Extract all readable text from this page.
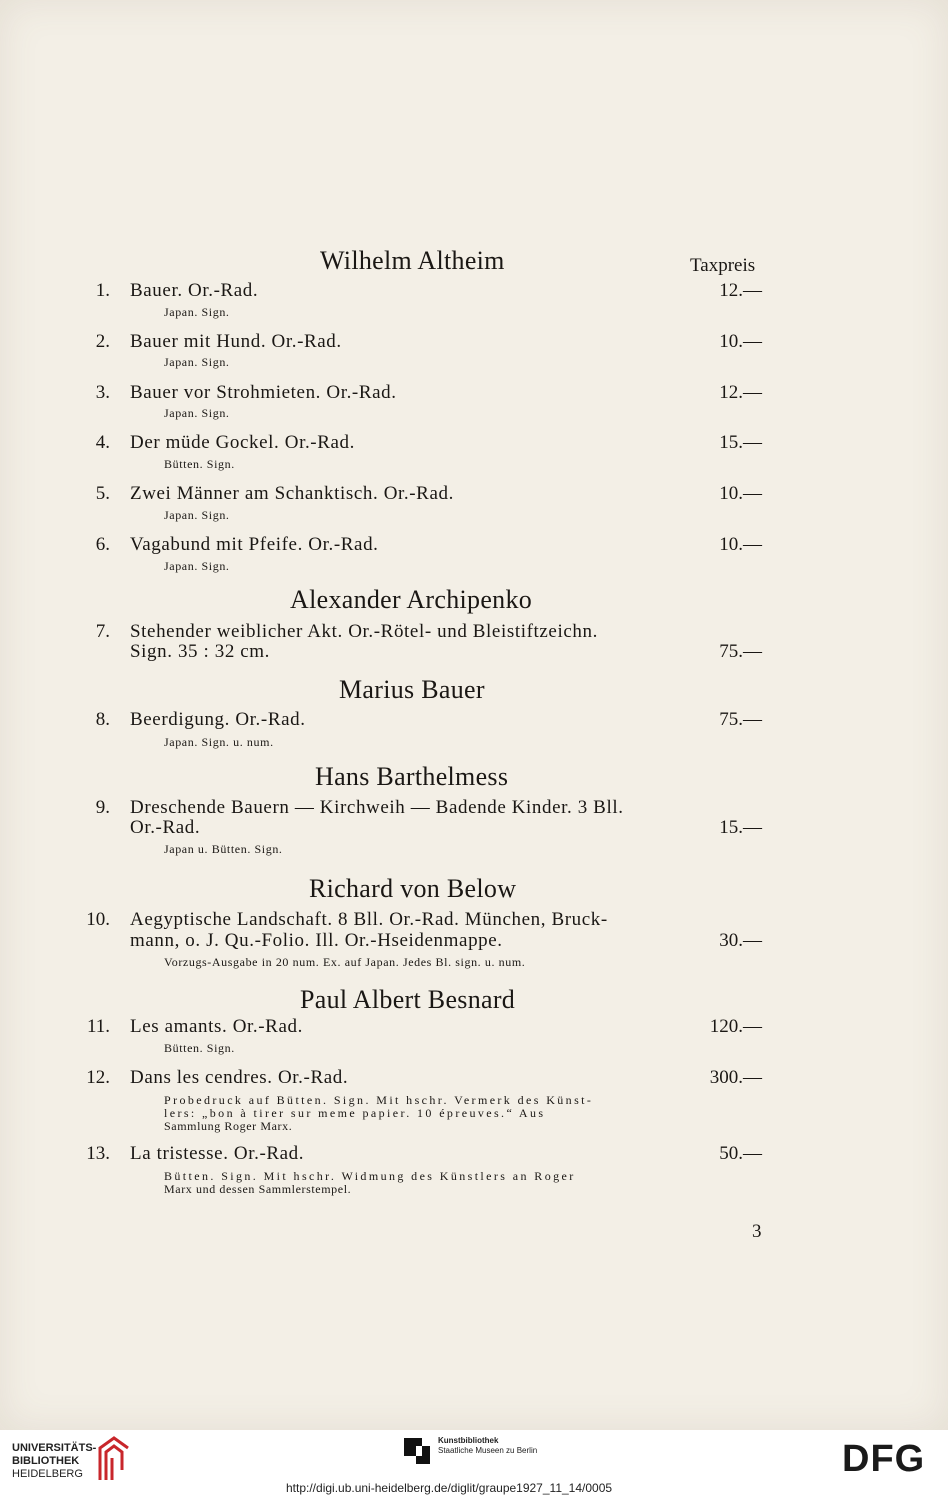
Wilhelm Altheim	Taxpreis
1. Bauer. Or.-Rad.	12.—
Japan. Sign.
2. Bauer mit Hund. Or.-Rad.	10.—
Japan. Sign.
3. Bauer vor Strohmieten. Or.-Rad.	12.—
Japan. Sign.
4. Der müde Gockel. Or.-Rad.	15.—
Bütten. Sign.
5. Zwei Männer am Schanktisch. Or.-Rad.	10.—
Japan. Sign.
6. Vagabund mit Pfeife. Or.-Rad.	10.—
Japan. Sign.
Alexander Archipenko
7. Stehender weiblicher Akt. Or.-Rötel- und Bleistiftzeichn.
Sign. 35 : 32 cm.	75.—
Marius Bauer
8. Beerdigung. Or.-Rad.	75.—
Japan. Sign. u. num.
Hans Barthelmess
9. Dreschende Bauern — Kirchweih — Badende Kinder. 3 Bll.
Or.-Rad.	15.—
Japan u. Bütten. Sign.
Richard von Below
10. Aegyptische Landschaft. 8 Bll. Or.-Rad. München, Bruck-
mann, o. J. Qu.-Folio. Ill. Or.-Hseidenmappe.	30.—
Vorzugs-Ausgabe in 20 num. Ex. auf Japan. Jedes Bl. sign. u. num.
Paul Albert Besnard
11. Les amants. Or.-Rad.	120.—
Bütten. Sign.
12. Dans les cendres. Or.-Rad.	300.—
Probedruck auf Bütten. Sign. Mit hschr. Vermerk des Künst-
lers: „bon à tirer sur meme papier. 10 épreuves.“ Aus
Sammlung Roger Marx.
13. La tristesse. Or.-Rad.	50.—
Bütten. Sign. Mit hschr. Widmung des Künstlers an Roger
Marx und dessen Sammlerstempel.
3
UNIVERSITÄTS-
BIBLIOTHEK
HEIDELBERG
Kunstbibliothek
Staatliche Museen zu Berlin	DFG
http://digi.ub.uni-heidelberg.de/diglit/graupe1927_11_14/0005
